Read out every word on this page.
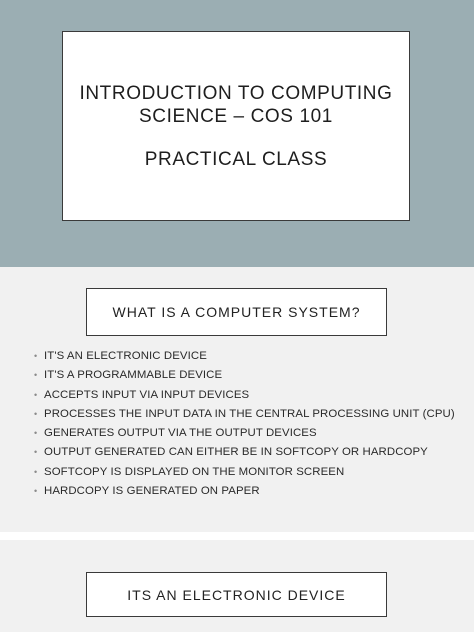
INTRODUCTION TO COMPUTING
SCIENCE – COS 101
PRACTICAL CLASS
WHAT IS A COMPUTER SYSTEM?
• IT'S AN ELECTRONIC DEVICE
• IT'S A PROGRAMMABLE DEVICE
• ACCEPTS INPUT VIA INPUT DEVICES
• PROCESSES THE INPUT DATA IN THE CENTRAL PROCESSING UNIT (CPU)
• GENERATES OUTPUT VIA THE OUTPUT DEVICES
• OUTPUT GENERATED CAN EITHER BE IN SOFTCOPY OR HARDCOPY
• SOFTCOPY IS DISPLAYED ON THE MONITOR SCREEN
• HARDCOPY IS GENERATED ON PAPER
ITS AN ELECTRONIC DEVICE
